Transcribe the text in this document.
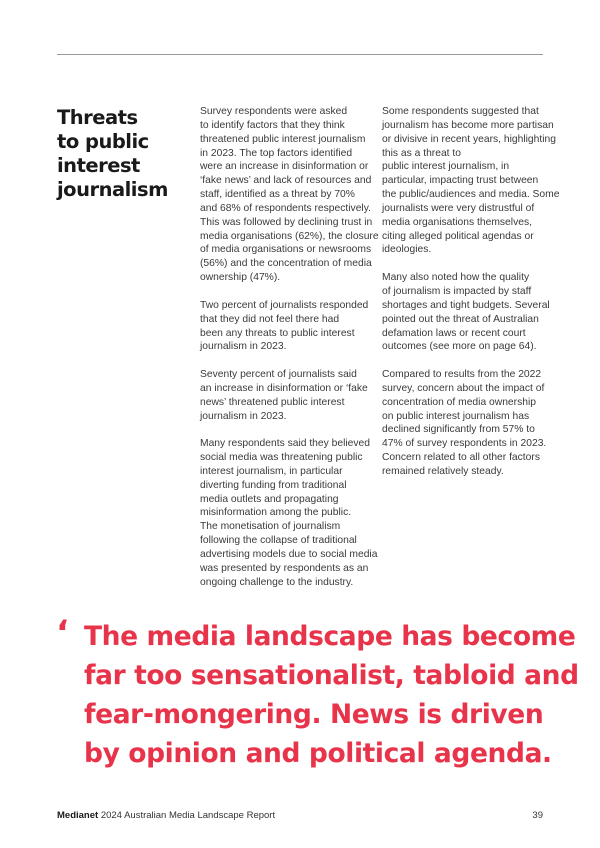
Threats
to public
interest
journalism

Survey respondents were asked
to identify factors that they think
threatened public interest journalism
in 2023. The top factors identified
were an increase in disinformation or
‘fake news’ and lack of resources and
staff, identified as a threat by 70%
and 68% of respondents respectively.
This was followed by declining trust in
media organisations (62%), the closure
of media organisations or newsrooms
(56%) and the concentration of media
ownership (47%).

Two percent of journalists responded
that they did not feel there had
been any threats to public interest
journalism in 2023.

Seventy percent of journalists said
an increase in disinformation or ‘fake
news’ threatened public interest
journalism in 2023.

Many respondents said they believed
social media was threatening public
interest journalism, in particular
diverting funding from traditional
media outlets and propagating
misinformation among the public.
The monetisation of journalism
following the collapse of traditional
advertising models due to social media
was presented by respondents as an
ongoing challenge to the industry.

Some respondents suggested that
journalism has become more partisan
or divisive in recent years, highlighting
this as a threat to
public interest journalism, in
particular, impacting trust between
the public/audiences and media. Some
journalists were very distrustful of
media organisations themselves,
citing alleged political agendas or
ideologies.

Many also noted how the quality
of journalism is impacted by staff
shortages and tight budgets. Several
pointed out the threat of Australian
defamation laws or recent court
outcomes (see more on page 64).

Compared to results from the 2022
survey, concern about the impact of
concentration of media ownership
on public interest journalism has
declined significantly from 57% to
47% of survey respondents in 2023.
Concern related to all other factors
remained relatively steady.

‘ The media landscape has become
far too sensationalist, tabloid and
fear-mongering. News is driven
by opinion and political agenda.
Medianet 2024 Australian Media Landscape Report	39
